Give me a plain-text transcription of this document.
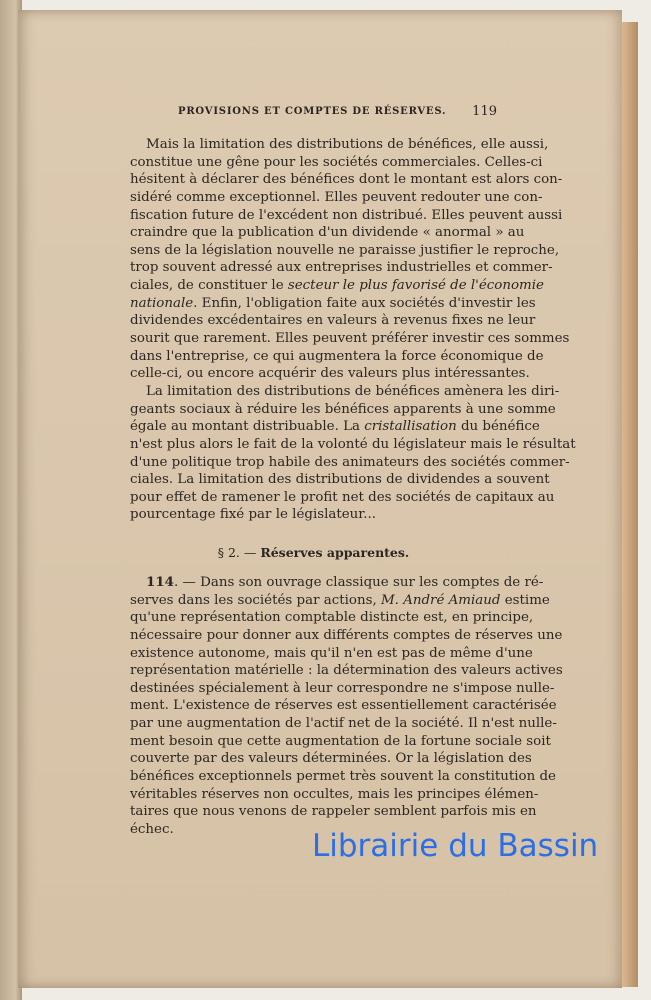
PROVISIONS ET COMPTES DE RÉSERVES. 119
Mais la limitation des distributions de bénéfices, elle aussi,
constitue une gêne pour les sociétés commerciales. Celles-ci
hésitent à déclarer des bénéfices dont le montant est alors con-
sidéré comme exceptionnel. Elles peuvent redouter une con-
fiscation future de l'excédent non distribué. Elles peuvent aussi
craindre que la publication d'un dividende « anormal » au
sens de la législation nouvelle ne paraisse justifier le reproche,
trop souvent adressé aux entreprises industrielles et commer-
ciales, de constituer le secteur le plus favorisé de l'économie
nationale. Enfin, l'obligation faite aux sociétés d'investir les
dividendes excédentaires en valeurs à revenus fixes ne leur
sourit que rarement. Elles peuvent préférer investir ces sommes
dans l'entreprise, ce qui augmentera la force économique de
celle-ci, ou encore acquérir des valeurs plus intéressantes.
La limitation des distributions de bénéfices amènera les diri-
geants sociaux à réduire les bénéfices apparents à une somme
égale au montant distribuable. La cristallisation du bénéfice
n'est plus alors le fait de la volonté du législateur mais le résultat
d'une politique trop habile des animateurs des sociétés commer-
ciales. La limitation des distributions de dividendes a souvent
pour effet de ramener le profit net des sociétés de capitaux au
pourcentage fixé par le législateur...
§ 2. — Réserves apparentes.
114. — Dans son ouvrage classique sur les comptes de ré-
serves dans les sociétés par actions, M. André Amiaud estime
qu'une représentation comptable distincte est, en principe,
nécessaire pour donner aux différents comptes de réserves une
existence autonome, mais qu'il n'en est pas de même d'une
représentation matérielle : la détermination des valeurs actives
destinées spécialement à leur correspondre ne s'impose nulle-
ment. L'existence de réserves est essentiellement caractérisée
par une augmentation de l'actif net de la société. Il n'est nulle-
ment besoin que cette augmentation de la fortune sociale soit
couverte par des valeurs déterminées. Or la législation des
bénéfices exceptionnels permet très souvent la constitution de
véritables réserves non occultes, mais les principes élémen-
taires que nous venons de rappeler semblent parfois mis en
échec.	Librairie du Bassin
